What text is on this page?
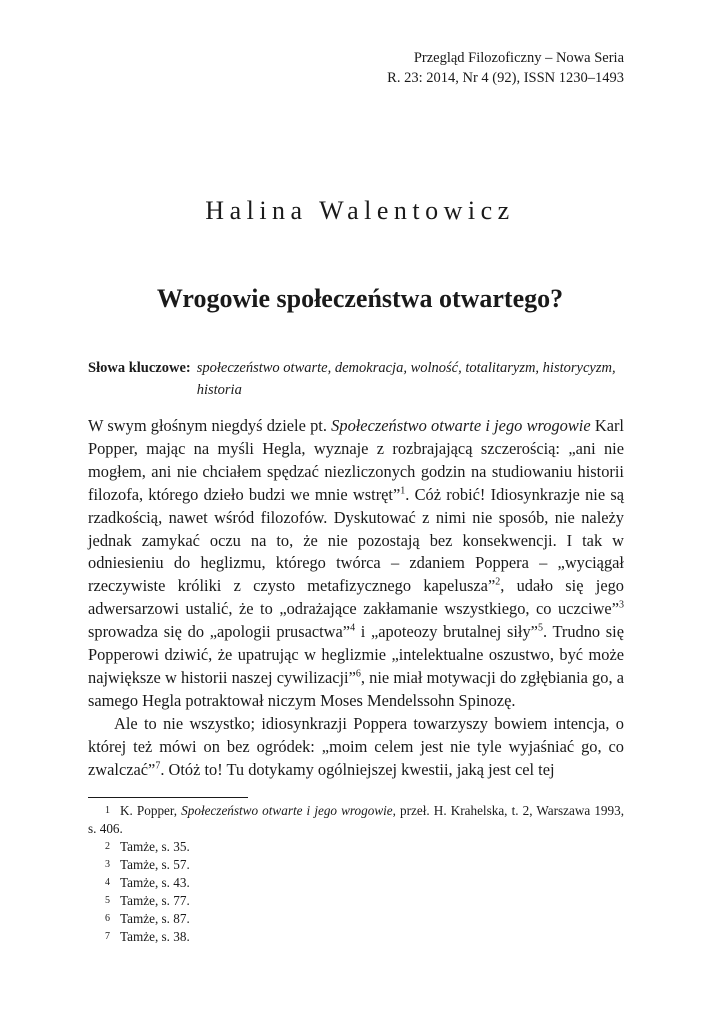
Przegląd Filozoficzny – Nowa Seria
R. 23: 2014, Nr 4 (92), ISSN 1230–1493
Halina Walentowicz
Wrogowie społeczeństwa otwartego?
Słowa kluczowe: społeczeństwo otwarte, demokracja, wolność, totalitaryzm, historycyzm, historia

W swym głośnym niegdyś dziele pt. Społeczeństwo otwarte i jego wrogowie Karl Popper, mając na myśli Hegla, wyznaje z rozbrajającą szczerością: „ani nie mogłem, ani nie chciałem spędzać niezliczonych godzin na studiowaniu historii filozofa, którego dzieło budzi we mnie wstręt”$^1$. Cóż robić! Idiosynkrazje nie są rzadkością, nawet wśród filozofów. Dyskutować z nimi nie sposób, nie należy jednak zamykać oczu na to, że nie pozostają bez konsekwencji. I tak w odniesieniu do heglizmu, którego twórca – zdaniem Poppera – „wyciągał rzeczywiste króliki z czysto metafizycznego kapelusza”$^2$, udało się jego adwersarzowi ustalić, że to „odrażające zakłamanie wszystkiego, co uczciwe”$^3$ sprowadza się do „apologii prusactwa”$^4$ i „apoteozy brutalnej siły”$^5$. Trudno się Popperowi dziwić, że upatrując w heglizmie „intelektualne oszustwo, być może największe w historii naszej cywilizacji”$^6$, nie miał motywacji do zgłębiania go, a samego Hegla potraktował niczym Moses Mendelssohn Spinozę.

Ale to nie wszystko; idiosynkrazji Poppera towarzyszy bowiem intencja, o której też mówi on bez ogródek: „moim celem jest nie tyle wyjaśniać go, co zwalczać”$^7$. Otóż to! Tu dotykamy ogólniejszej kwestii, jaką jest cel tej

1 K. Popper, Społeczeństwo otwarte i jego wrogowie, przeł. H. Krahelska, t. 2, Warszawa 1993, s. 406.

2 Tamże, s. 35.

3 Tamże, s. 57.

4 Tamże, s. 43.

5 Tamże, s. 77.

6 Tamże, s. 87.

7 Tamże, s. 38.
